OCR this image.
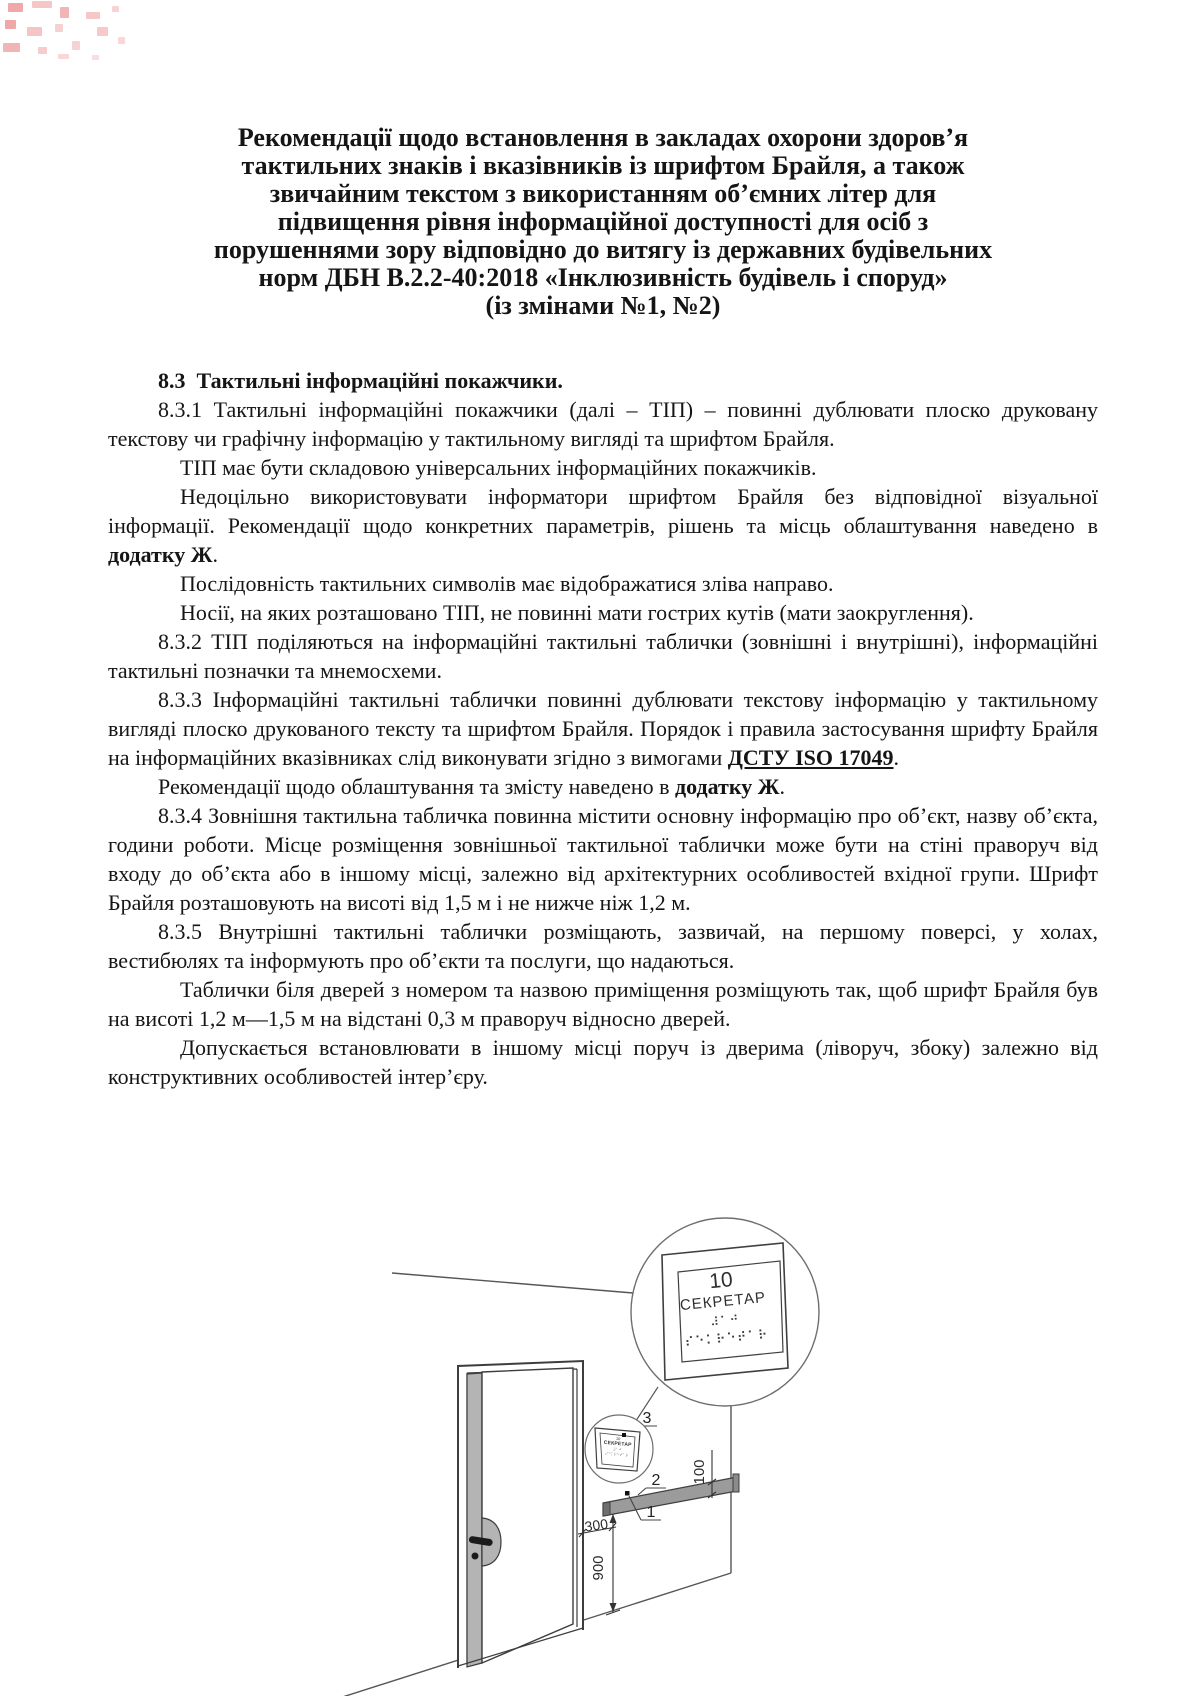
Рекомендації щодо встановлення в закладах охорони здоров’я
тактильних знаків і вказівників із шрифтом Брайля, а також
звичайним текстом з використанням об’ємних літер для
підвищення рівня інформаційної доступності для осіб з
порушеннями зору відповідно до витягу із державних будівельних
норм ДБН В.2.2-40:2018 «Інклюзивність будівель і споруд»
(із змінами №1, №2)

8.3  Тактильні інформаційні покажчики.

8.3.1 Тактильні інформаційні покажчики (далі – ТІП) – повинні дублювати плоско друковану текстову чи графічну інформацію у тактильному вигляді та шрифтом Брайля.

ТІП має бути складовою універсальних інформаційних покажчиків.

Недоцільно використовувати інформатори шрифтом Брайля без відповідної візуальної інформації. Рекомендації щодо конкретних параметрів, рішень та місць облаштування наведено в додатку Ж.

Послідовність тактильних символів має відображатися зліва направо.

Носії, на яких розташовано ТІП, не повинні мати гострих кутів (мати заокруглення).

8.3.2 ТІП поділяються на інформаційні тактильні таблички (зовнішні і внутрішні), інформаційні тактильні позначки та мнемосхеми.

8.3.3 Інформаційні тактильні таблички повинні дублювати текстову інформацію у тактильному вигляді плоско друкованого тексту та шрифтом Брайля. Порядок і правила застосування шрифту Брайля на інформаційних вказівниках слід виконувати згідно з вимогами ДСТУ ISO 17049.

Рекомендації щодо облаштування та змісту наведено в додатку Ж.

8.3.4 Зовнішня тактильна табличка повинна містити основну інформацію про об’єкт, назву об’єкта, години роботи. Місце розміщення зовнішньої тактильної таблички може бути на стіні праворуч від входу до об’єкта або в іншому місці, залежно від архітектурних особливостей вхідної групи. Шрифт Брайля розташовують на висоті від 1,5 м і не нижче ніж 1,2 м.

8.3.5 Внутрішні тактильні таблички розміщають, зазвичай, на першому поверсі, у холах, вестибюлях та інформують про об’єкти та послуги, що надаються.

Таблички біля дверей з номером та назвою приміщення розміщують так, щоб шрифт Брайля був на висоті 1,2 м—1,5 м на відстані 0,3 м праворуч відносно дверей.

Допускається встановлювати в іншому місці поруч із дверима (ліворуч, збоку) залежно від конструктивних особливостей інтер’єру.

100
900
300
3
2
1
10
СЕКРЕТАР
⠼⠁⠚
⠎⠑⠅⠗⠑⠞⠁⠗
10
СЕКРЕТАР
⠼⠁⠚
⠎⠑⠅⠗⠑⠞⠁⠗
